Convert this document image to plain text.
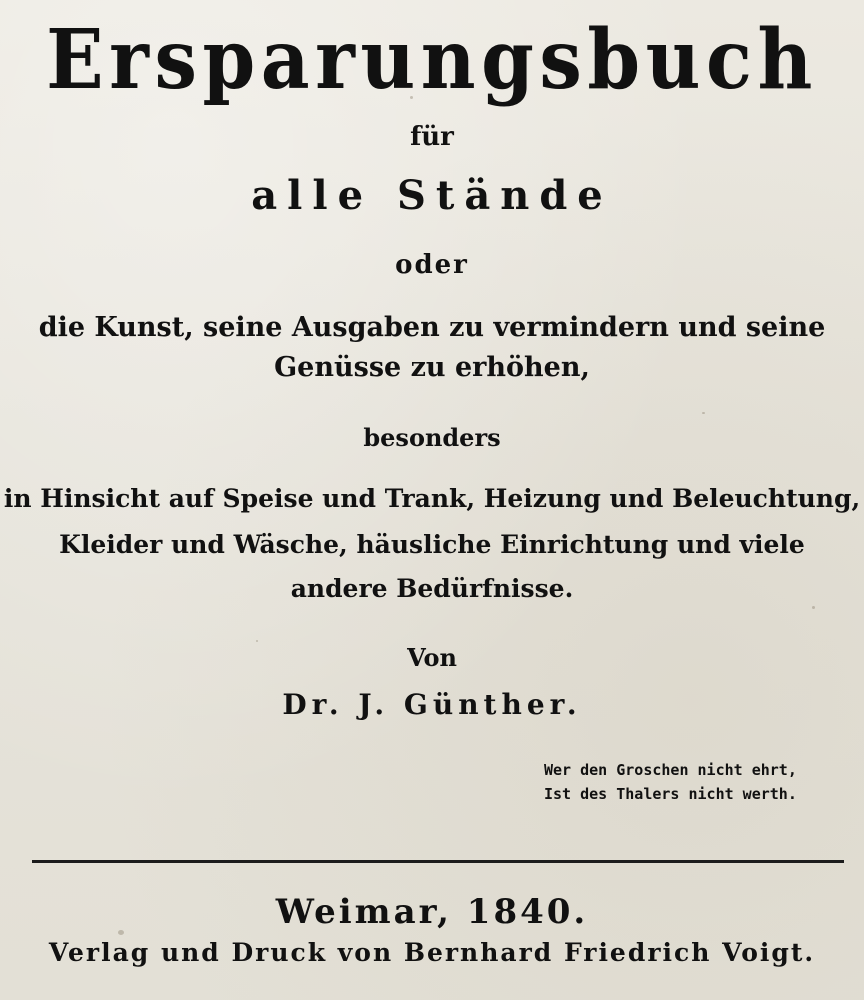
Ersparungsbuch
für
alle Stände
oder
die Kunst, seine Ausgaben zu vermindern und seine
Genüsse zu erhöhen,
besonders
in Hinsicht auf Speise und Trank, Heizung und Beleuchtung,
Kleider und Wäsche, häusliche Einrichtung und viele
andere Bedürfnisse.
Von
Dr. J. Günther.
Wer den Groschen nicht ehrt,
Ist des Thalers nicht werth.
Weimar, 1840.
Verlag und Druck von Bernhard Friedrich Voigt.
